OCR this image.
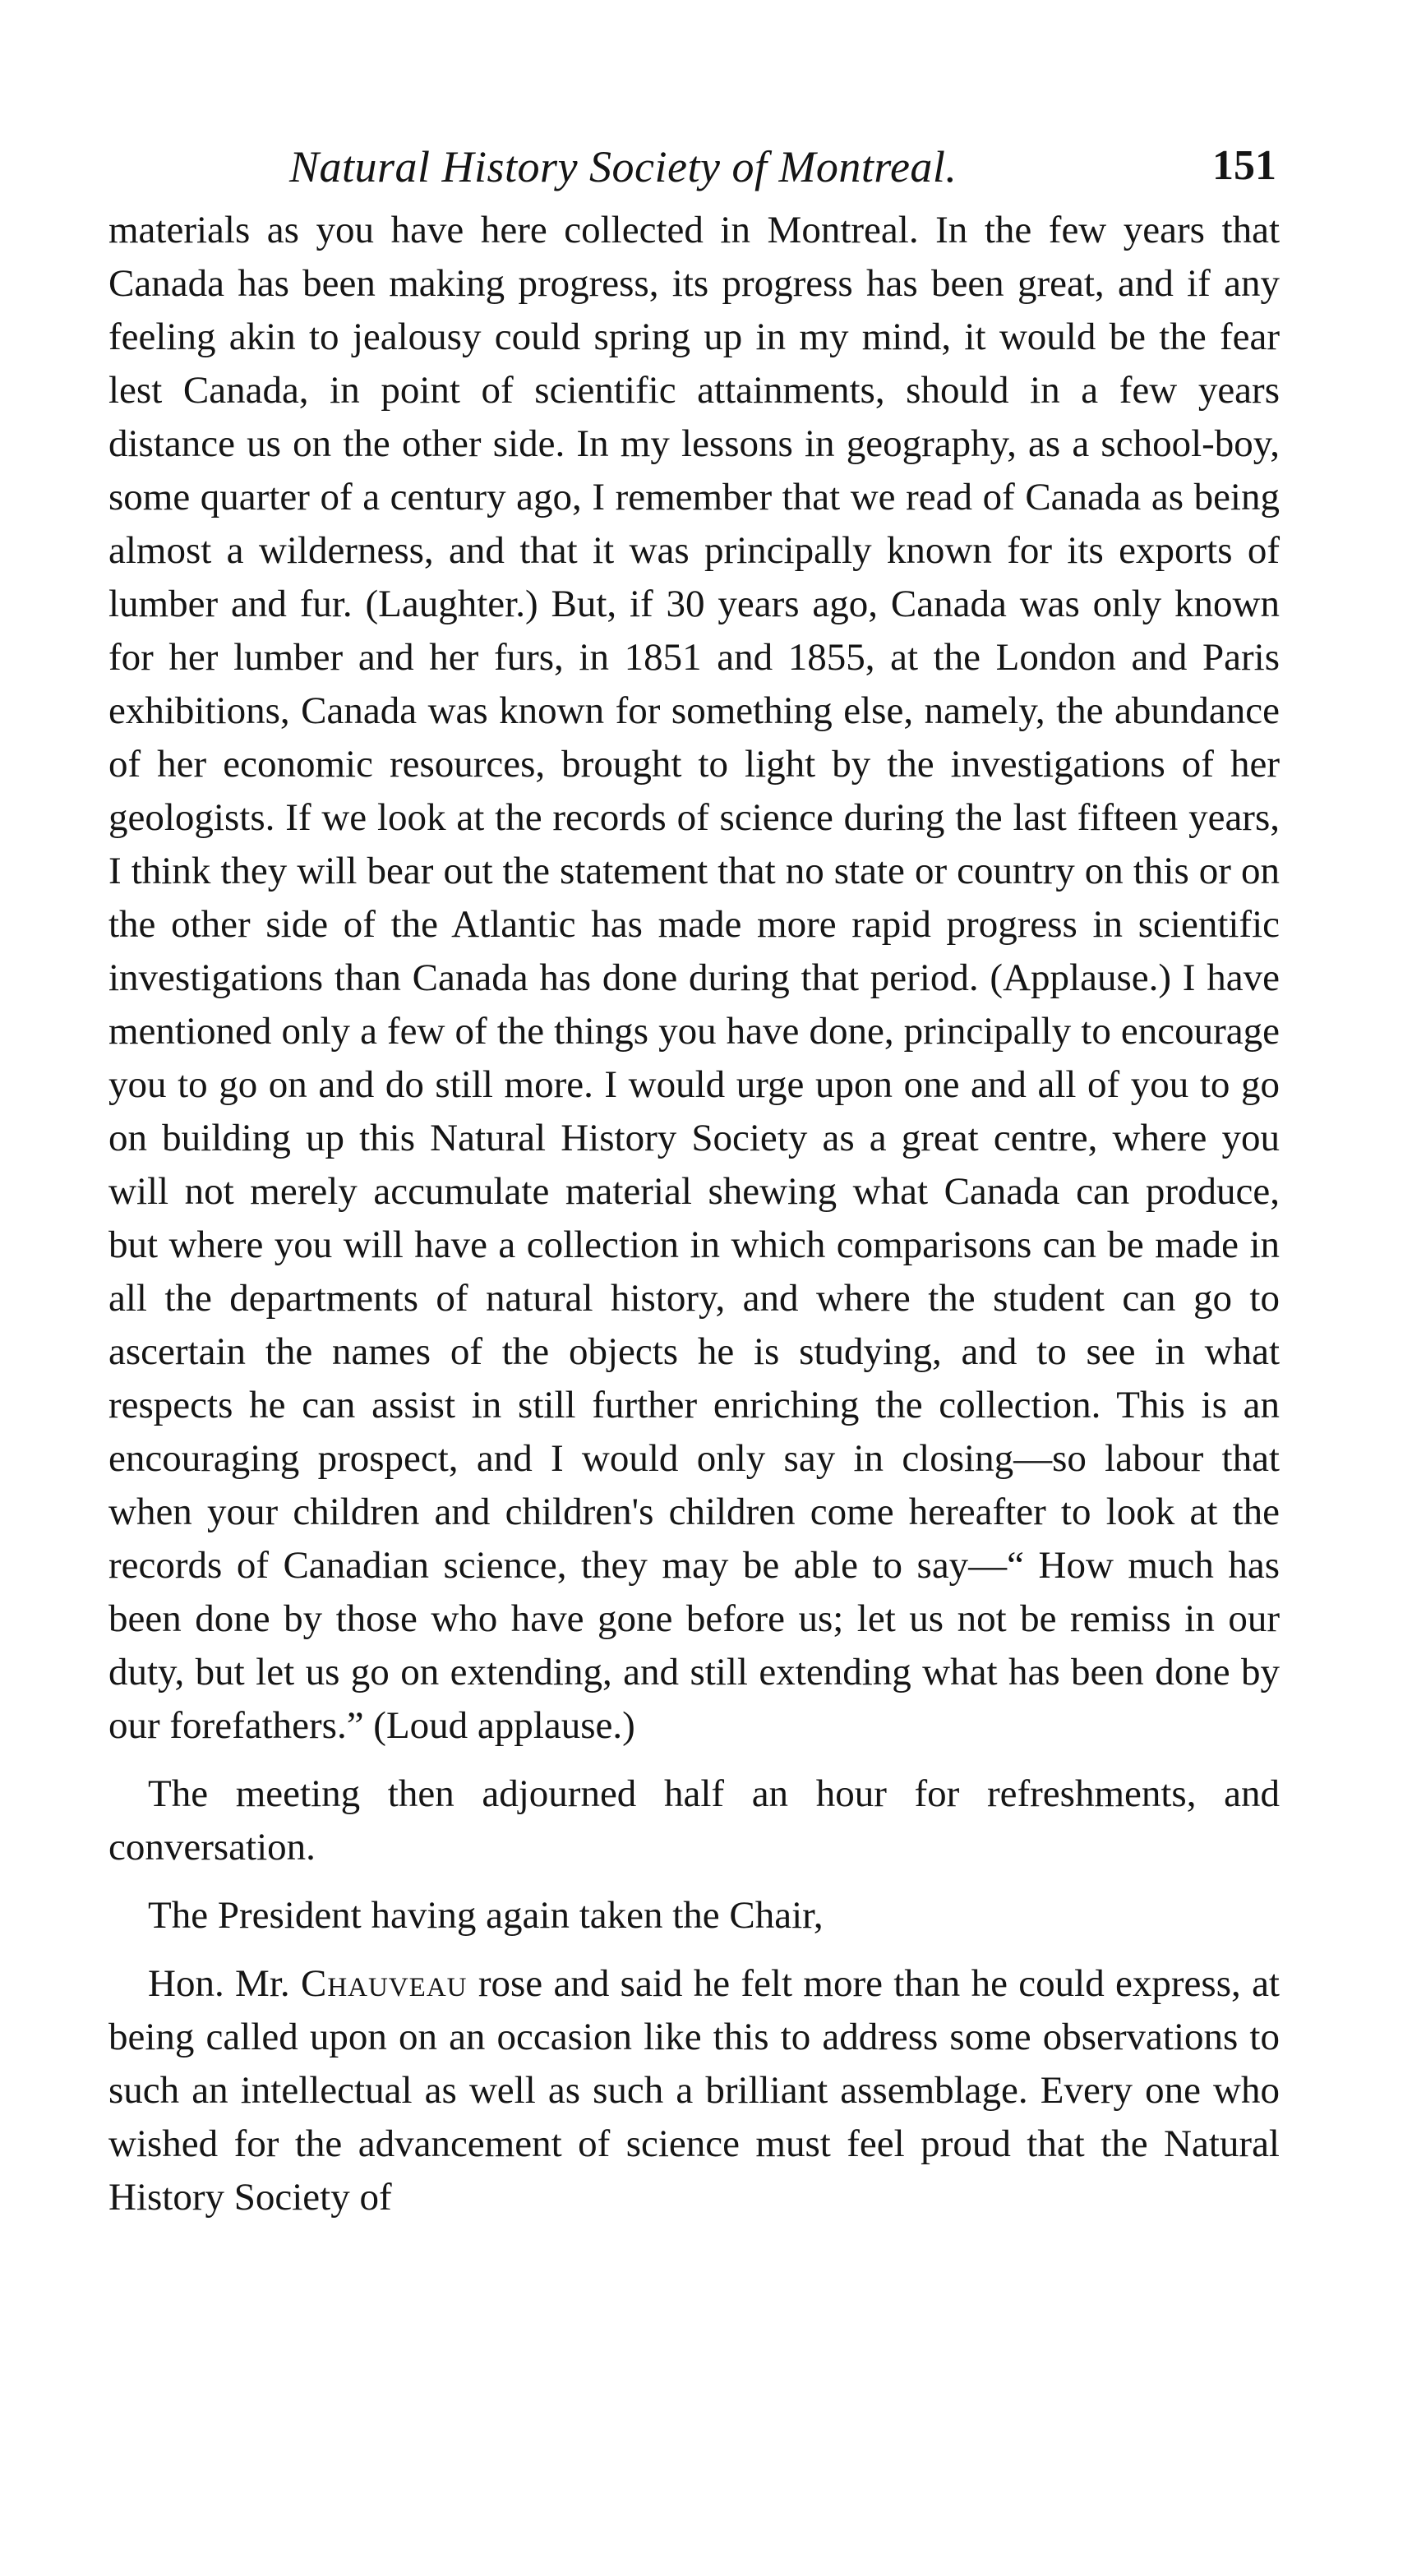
Natural History Society of Montreal.	151

materials as you have here collected in Montreal. In the few years that Canada has been making progress, its progress has been great, and if any feeling akin to jealousy could spring up in my mind, it would be the fear lest Canada, in point of scientific attainments, should in a few years distance us on the other side. In my lessons in geography, as a school-boy, some quarter of a century ago, I remember that we read of Canada as being almost a wilderness, and that it was principally known for its exports of lumber and fur. (Laughter.) But, if 30 years ago, Canada was only known for her lumber and her furs, in 1851 and 1855, at the London and Paris exhibitions, Canada was known for something else, namely, the abundance of her economic resources, brought to light by the investigations of her geologists. If we look at the records of science during the last fifteen years, I think they will bear out the statement that no state or country on this or on the other side of the Atlantic has made more rapid progress in scientific investigations than Canada has done during that period. (Applause.) I have mentioned only a few of the things you have done, principally to encourage you to go on and do still more. I would urge upon one and all of you to go on building up this Natural History Society as a great centre, where you will not merely accumulate material shewing what Canada can produce, but where you will have a collection in which comparisons can be made in all the departments of natural history, and where the student can go to ascertain the names of the objects he is studying, and to see in what respects he can assist in still further enriching the collection. This is an encouraging prospect, and I would only say in closing—so labour that when your children and children's children come hereafter to look at the records of Canadian science, they may be able to say—“ How much has been done by those who have gone before us; let us not be remiss in our duty, but let us go on extending, and still extending what has been done by our forefathers.” (Loud applause.)

The meeting then adjourned half an hour for refreshments, and conversation.

The President having again taken the Chair,

Hon. Mr. Chauveau rose and said he felt more than he could express, at being called upon on an occasion like this to address some observations to such an intellectual as well as such a brilliant assemblage. Every one who wished for the advancement of science must feel proud that the Natural History Society of
